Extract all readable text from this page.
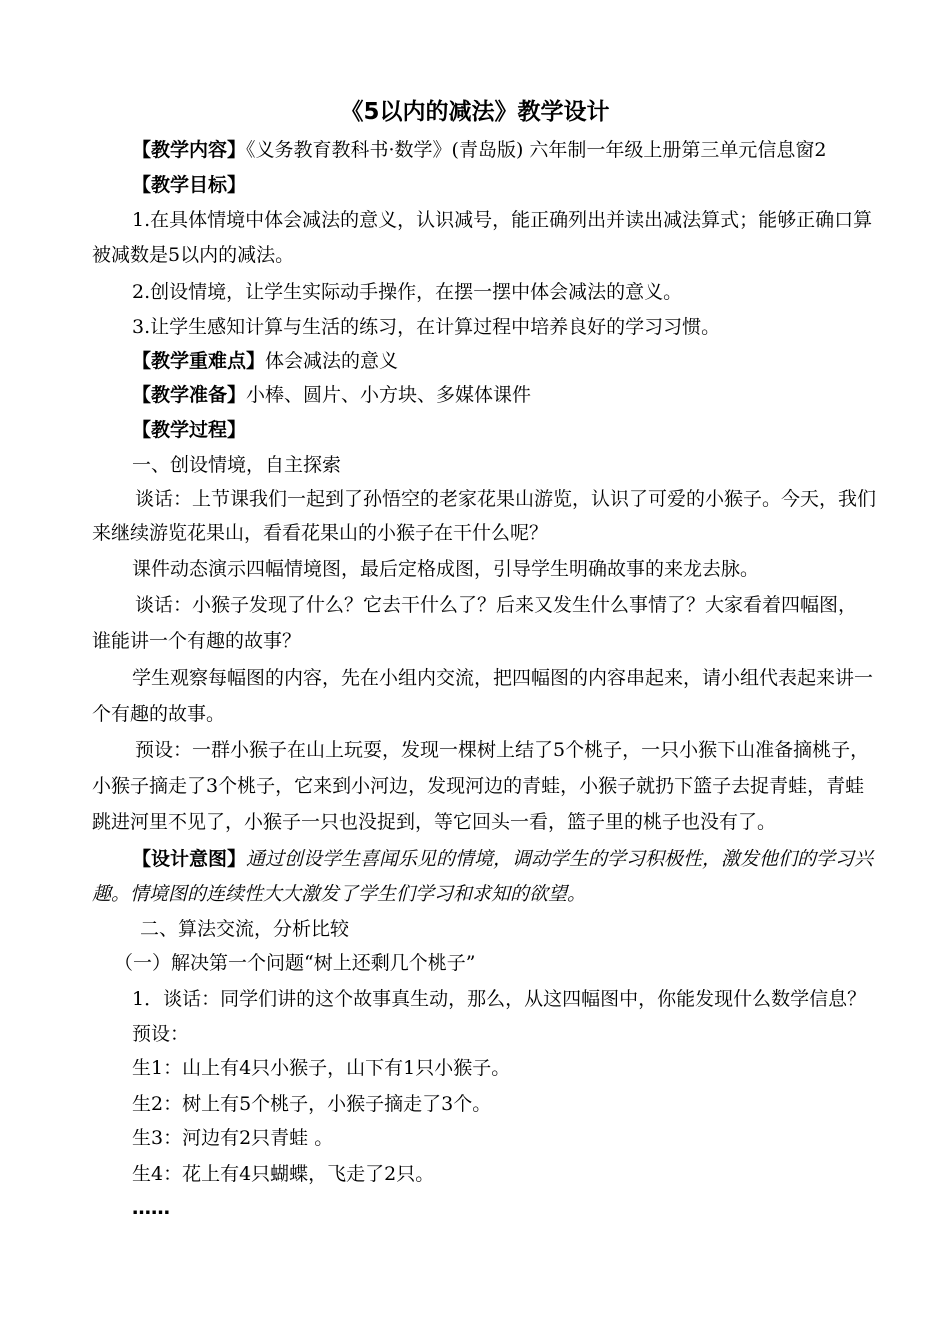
《5以内的减法》教学设计
【教学内容】《义务教育教科书·数学》(青岛版) 六年制一年级上册第三单元信息窗2
【教学目标】
1.在具体情境中体会减法的意义，认识减号，能正确列出并读出减法算式；能够正确口算
被减数是5以内的减法。
2.创设情境，让学生实际动手操作，在摆一摆中体会减法的意义。
3.让学生感知计算与生活的练习，在计算过程中培养良好的学习习惯。
【教学重难点】体会减法的意义
【教学准备】小棒、圆片、小方块、多媒体课件
【教学过程】
一、创设情境，自主探索
谈话：上节课我们一起到了孙悟空的老家花果山游览，认识了可爱的小猴子。今天，我们
来继续游览花果山，看看花果山的小猴子在干什么呢？
课件动态演示四幅情境图，最后定格成图，引导学生明确故事的来龙去脉。
谈话：小猴子发现了什么？它去干什么了？后来又发生什么事情了？大家看着四幅图，
谁能讲一个有趣的故事？
学生观察每幅图的内容，先在小组内交流，把四幅图的内容串起来，请小组代表起来讲一
个有趣的故事。
预设：一群小猴子在山上玩耍，发现一棵树上结了5个桃子，一只小猴下山准备摘桃子，
小猴子摘走了3个桃子，它来到小河边，发现河边的青蛙，小猴子就扔下篮子去捉青蛙，青蛙
跳进河里不见了，小猴子一只也没捉到，等它回头一看，篮子里的桃子也没有了。
【设计意图】通过创设学生喜闻乐见的情境，调动学生的学习积极性，激发他们的学习兴
趣。情境图的连续性大大激发了学生们学习和求知的欲望。
二、算法交流，分析比较
（一）解决第一个问题“树上还剩几个桃子”
1．谈话：同学们讲的这个故事真生动，那么，从这四幅图中，你能发现什么数学信息？
预设：
生1：山上有4只小猴子，山下有1只小猴子。
生2：树上有5个桃子，小猴子摘走了3个。
生3：河边有2只青蛙 。
生4：花上有4只蝴蝶，飞走了2只。
……
